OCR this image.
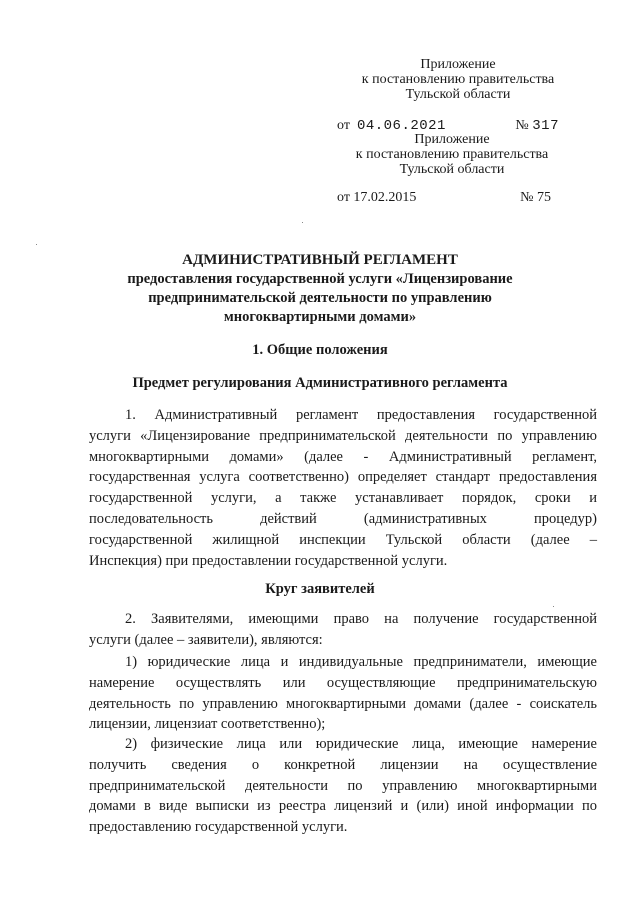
Приложение
к постановлению правительства
Тульской области
от 04.06.2021	№ 317
Приложение
к постановлению правительства
Тульской области
от 17.02.2015	№ 75
АДМИНИСТРАТИВНЫЙ РЕГЛАМЕНТ
предоставления государственной услуги «Лицензирование
предпринимательской деятельности по управлению
многоквартирными домами»
1. Общие положения
Предмет регулирования Административного регламента
1. Административный регламент предоставления государственной
услуги «Лицензирование предпринимательской деятельности по управлению
многоквартирными домами» (далее - Административный регламент,
государственная услуга соответственно) определяет стандарт предоставления
государственной услуги, а также устанавливает порядок, сроки и
последовательность действий (административных процедур)
государственной жилищной инспекции Тульской области (далее –
Инспекция) при предоставлении государственной услуги.
Круг заявителей
2. Заявителями, имеющими право на получение государственной
услуги (далее – заявители), являются:
1) юридические лица и индивидуальные предприниматели, имеющие
намерение осуществлять или осуществляющие предпринимательскую
деятельность по управлению многоквартирными домами (далее - соискатель
лицензии, лицензиат соответственно);
2) физические лица или юридические лица, имеющие намерение
получить сведения о конкретной лицензии на осуществление
предпринимательской деятельности по управлению многоквартирными
домами в виде выписки из реестра лицензий и (или) иной информации по
предоставлению государственной услуги.
